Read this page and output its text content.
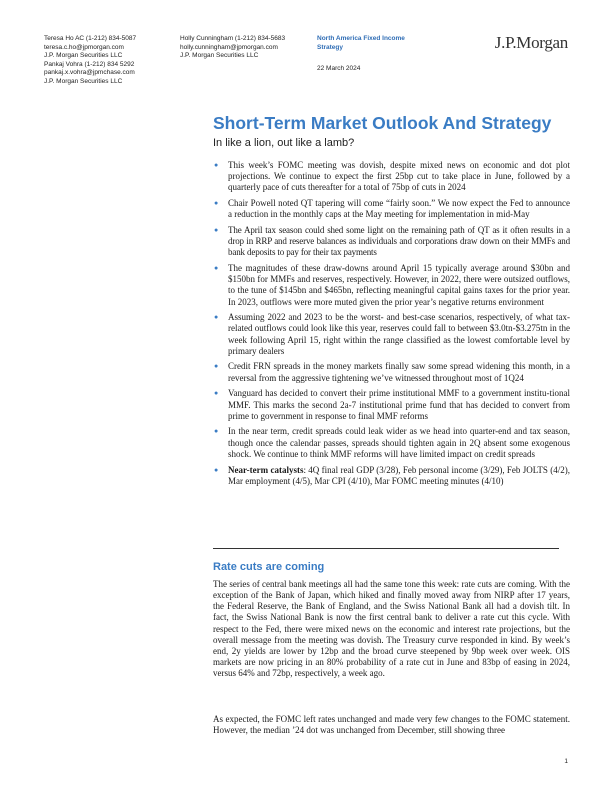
Teresa Ho AC (1-212) 834-5087
teresa.c.ho@jpmorgan.com
J.P. Morgan Securities LLC
Pankaj Vohra (1-212) 834 5292
pankaj.x.vohra@jpmchase.com
J.P. Morgan Securities LLC
Holly Cunningham (1-212) 834-5683
holly.cunningham@jpmorgan.com
J.P. Morgan Securities LLC
North America Fixed Income
Strategy
22 March 2024
J.P.Morgan
Short-Term Market Outlook And Strategy
In like a lion, out like a lamb?
● This week’s FOMC meeting was dovish, despite mixed news on economic and dot plot projections. We continue to expect the first 25bp cut to take place in June, followed by a quarterly pace of cuts thereafter for a total of 75bp of cuts in 2024
● Chair Powell noted QT tapering will come “fairly soon.” We now expect the Fed to announce a reduction in the monthly caps at the May meeting for implementation in mid-May
● The April tax season could shed some light on the remaining path of QT as it often results in a drop in RRP and reserve balances as individuals and corporations draw down on their MMFs and bank deposits to pay for their tax payments
● The magnitudes of these draw-downs around April 15 typically average around $30bn and $150bn for MMFs and reserves, respectively. However, in 2022, there were outsized outflows, to the tune of $145bn and $465bn, reflecting meaningful capital gains taxes for the prior year. In 2023, outflows were more muted given the prior year’s negative returns environment
● Assuming 2022 and 2023 to be the worst- and best-case scenarios, respectively, of what tax-related outflows could look like this year, reserves could fall to between $3.0tn-$3.275tn in the week following April 15, right within the range classified as the lowest comfortable level by primary dealers
● Credit FRN spreads in the money markets finally saw some spread widening this month, in a reversal from the aggressive tightening we’ve witnessed throughout most of 1Q24
● Vanguard has decided to convert their prime institutional MMF to a government institu-tional MMF. This marks the second 2a-7 institutional prime fund that has decided to convert from prime to government in response to final MMF reforms
● In the near term, credit spreads could leak wider as we head into quarter-end and tax season, though once the calendar passes, spreads should tighten again in 2Q absent some exogenous shock. We continue to think MMF reforms will have limited impact on credit spreads
● Near-term catalysts: 4Q final real GDP (3/28), Feb personal income (3/29), Feb JOLTS (4/2), Mar employment (4/5), Mar CPI (4/10), Mar FOMC meeting minutes (4/10)
Rate cuts are coming

The series of central bank meetings all had the same tone this week: rate cuts are coming. With the exception of the Bank of Japan, which hiked and finally moved away from NIRP after 17 years, the Federal Reserve, the Bank of England, and the Swiss National Bank all had a dovish tilt. In fact, the Swiss National Bank is now the first central bank to deliver a rate cut this cycle. With respect to the Fed, there were mixed news on the economic and interest rate projections, but the overall message from the meeting was dovish. The Treasury curve responded in kind. By week’s end, 2y yields are lower by 12bp and the broad curve steepened by 9bp week over week. OIS markets are now pricing in an 80% probability of a rate cut in June and 83bp of easing in 2024, versus 64% and 72bp, respectively, a week ago.

As expected, the FOMC left rates unchanged and made very few changes to the FOMC statement. However, the median ’24 dot was unchanged from December, still showing three

1
